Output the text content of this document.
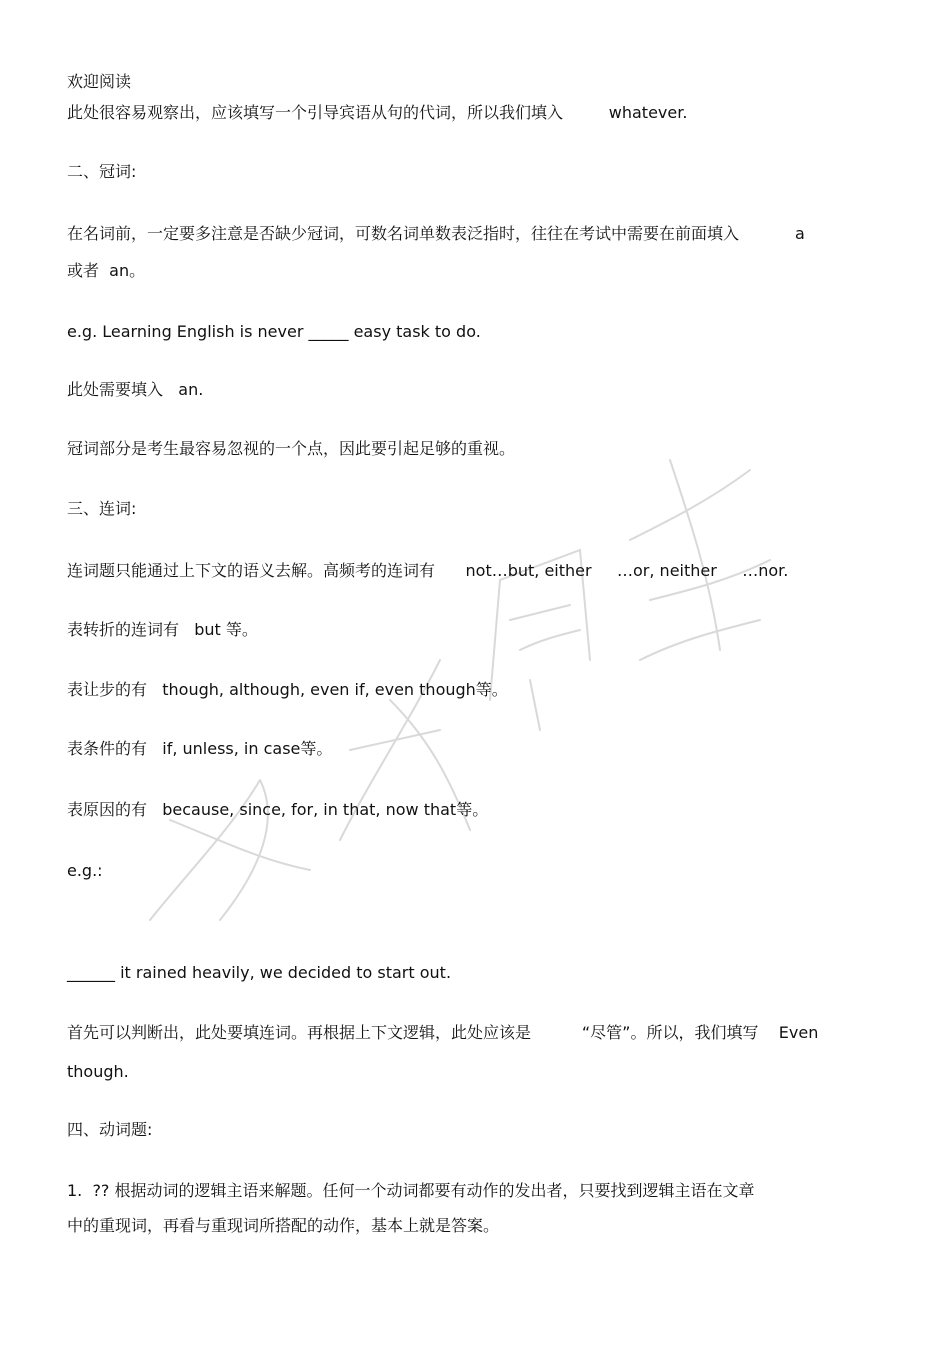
欢迎阅读
欢迎阅读
此处很容易观察出，应该填写一个引导宾语从句的代词，所以我们填入         whatever.
二、冠词:
在名词前，一定要多注意是否缺少冠词，可数名词单数表泛指时，往往在考试中需要在前面填入           a
或者  an。
e.g. Learning English is never _____ easy task to do.
此处需要填入   an.
冠词部分是考生最容易忽视的一个点，因此要引起足够的重视。
三、连词:
连词题只能通过上下文的语义去解。高频考的连词有      not…but, either     …or, neither     …nor.
表转折的连词有   but 等。
表让步的有   though, although, even if, even though等。
表条件的有   if, unless, in case等。
表原因的有   because, since, for, in that, now that等。
e.g.:
______ it rained heavily, we decided to start out.
首先可以判断出，此处要填连词。再根据上下文逻辑，此处应该是          “尽管”。所以，我们填写    Even
though.
四、动词题:
1.  ?? 根据动词的逻辑主语来解题。任何一个动词都要有动作的发出者，只要找到逻辑主语在文章
中的重现词，再看与重现词所搭配的动作，基本上就是答案。
